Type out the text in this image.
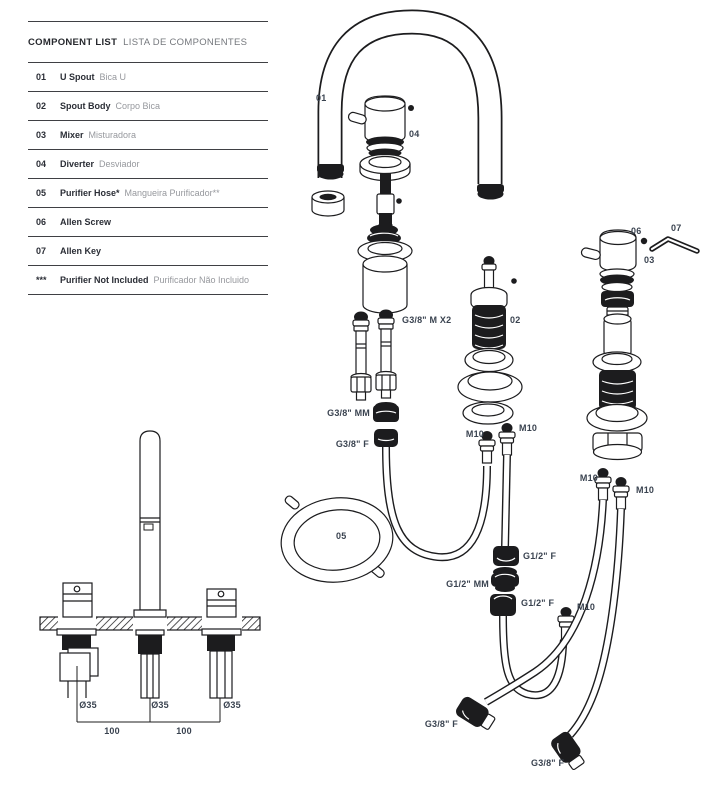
COMPONENT LIST LISTA DE COMPONENTES
01	U Spout Bica U
02	Spout Body Corpo Bica
03	Mixer Misturadora
04	Diverter Desviador
05	Purifier Hose* Mangueira Purificador**
06	Allen Screw
07	Allen Key
***	Purifier Not Included Purificador Não Incluido
01
04
06	07
03
G3/8" M X2	02
G3/8" MM
M10
M10
G3/8" F
05
M10
M10
G1/2" F
G1/2" MM
G1/2" F	M10
G3/8" F
G3/8" F
Ø35	Ø35	Ø35
100	100
